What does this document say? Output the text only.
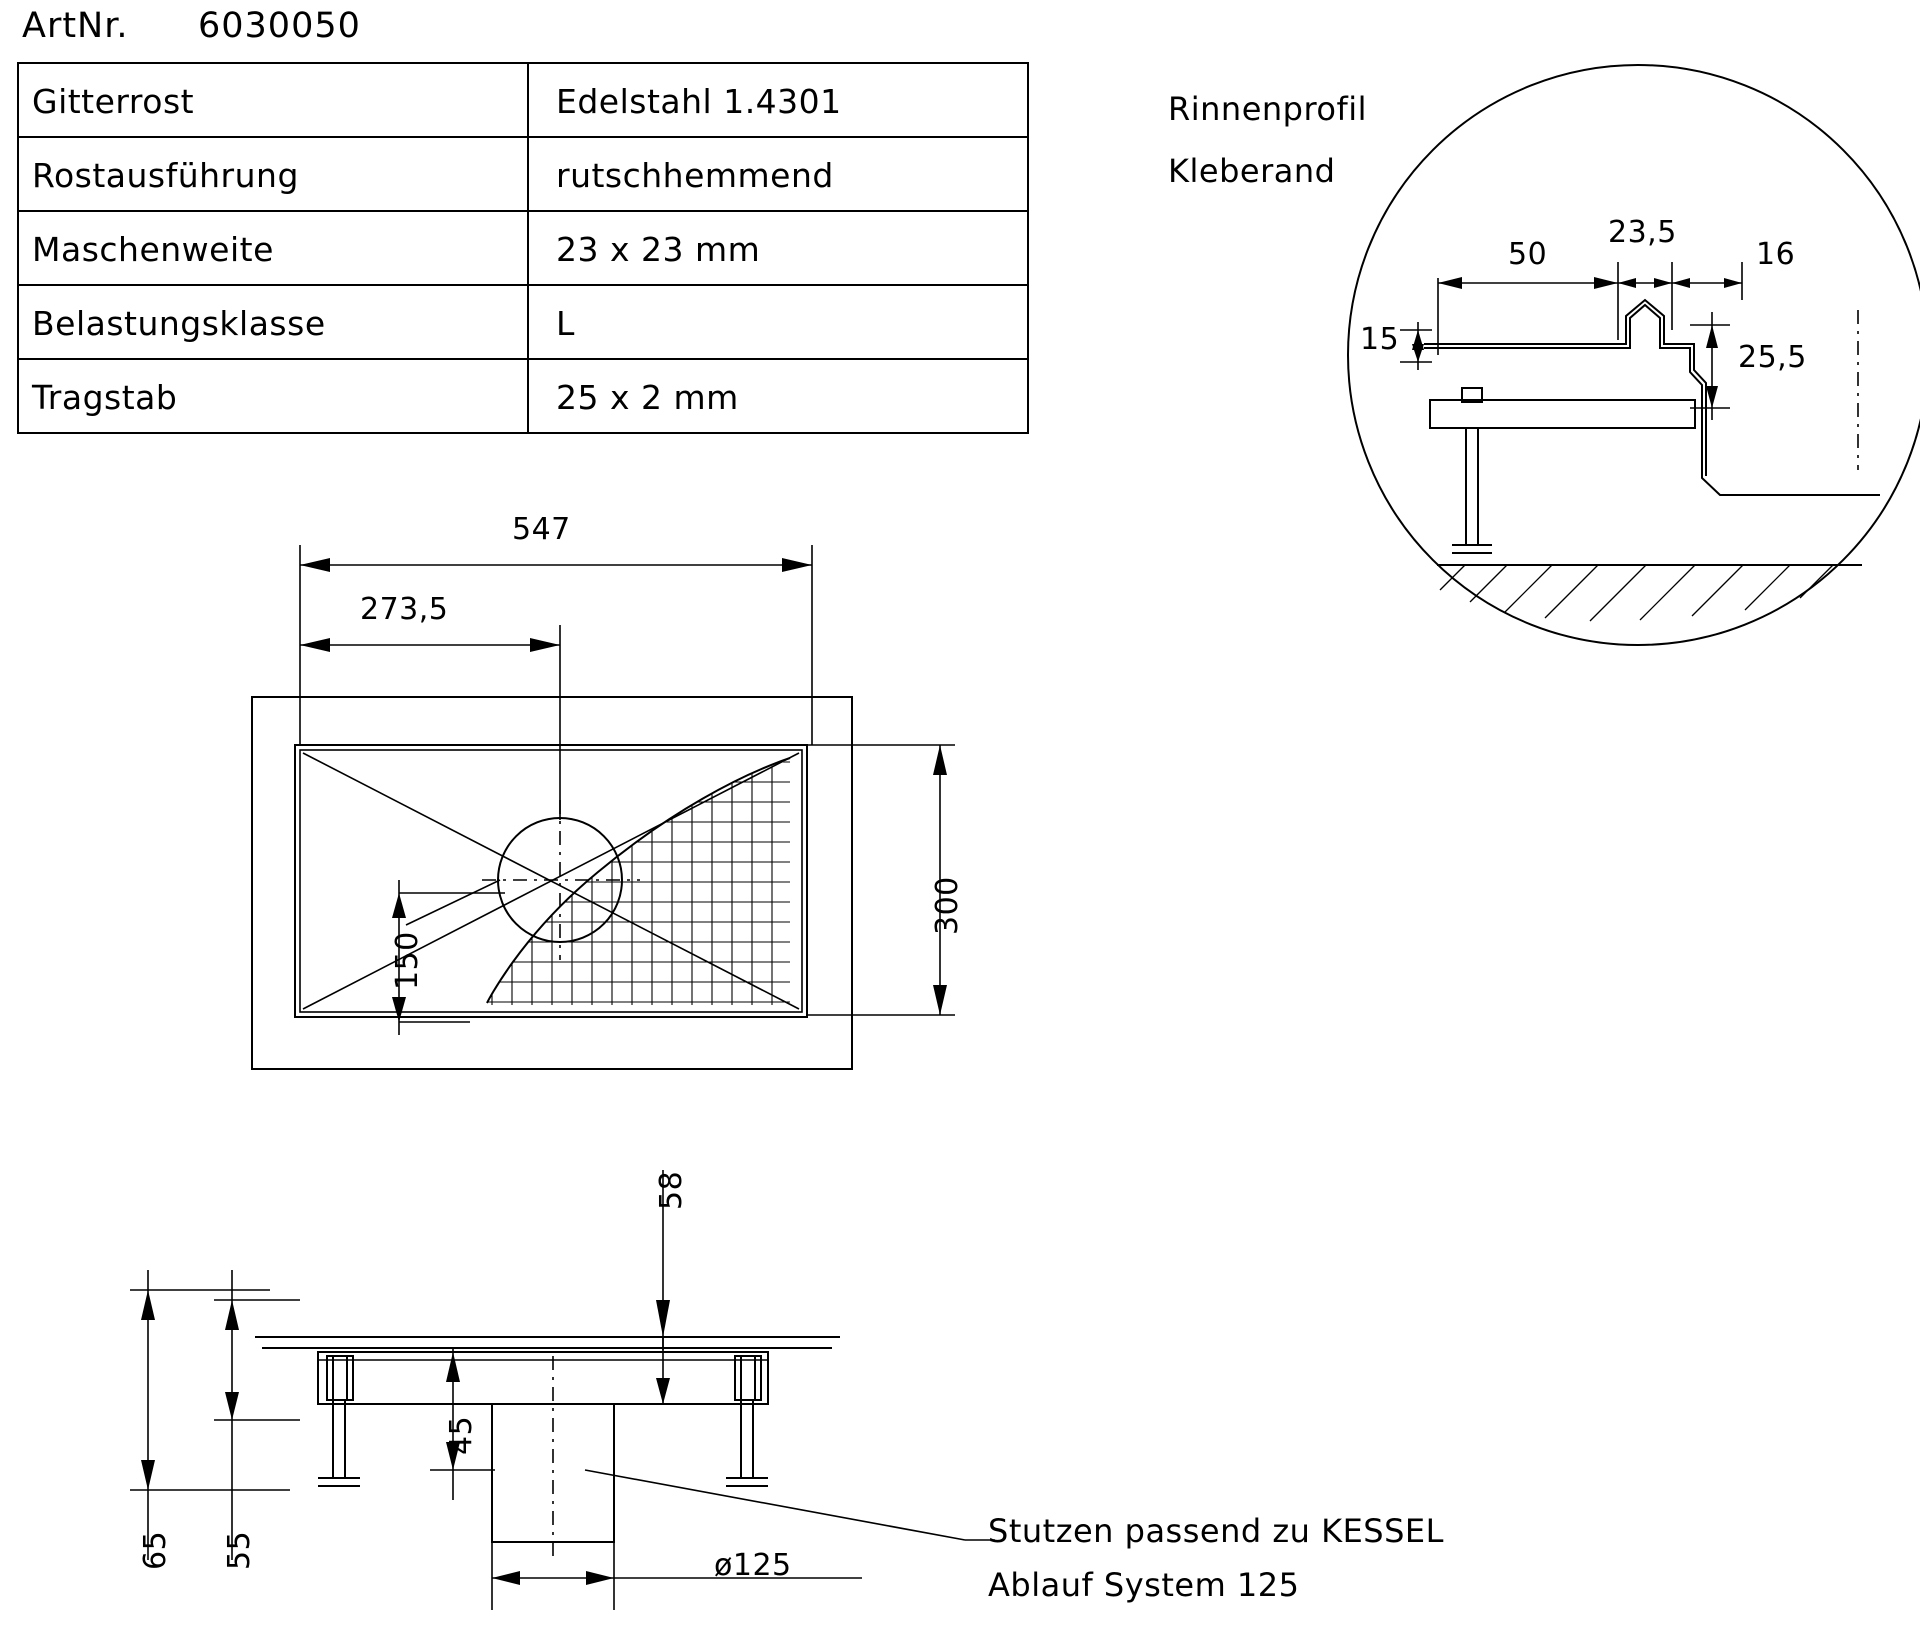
ArtNr. 6030050
Gitterrost	Edelstahl 1.4301
Rostausführung	rutschhemmend
Maschenweite	23 x 23 mm
Belastungsklasse	L
Tragstab	25 x 2 mm
Rinnenprofil
Kleberand
50
23,5
16
15
25,5
547
273,5
300
150
58
45
65 55	ø125
Stutzen passend zu KESSEL
Ablauf System 125
